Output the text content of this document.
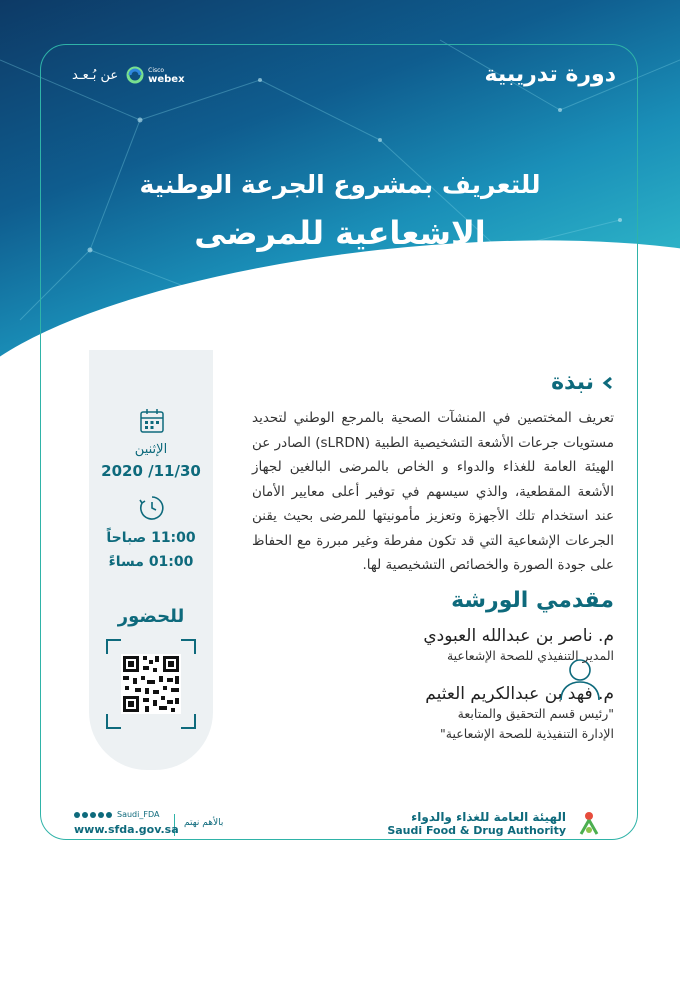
دورة تدريبية
عن بُـعـد	Cisco
webex
للتعريف بمشروع الجرعة الوطنية
الإشعاعية للمرضى
الإثنين
2020 /11/30
11:00 صباحاً
01:00 مساءً
للحضور
نبذة
تعريف المختصين في المنشآت الصحية بالمرجع الوطني لتحديد مستويات جرعات الأشعة التشخيصية الطبية (sLRDN) الصادر عن الهيئة العامة للغذاء والدواء و الخاص بالمرضى البالغين لجهاز الأشعة المقطعية، والذي سيسهم في توفير أعلى معايير الأمان عند استخدام تلك الأجهزة وتعزيز مأمونيتها للمرضى بحيث يقنن الجرعات الإشعاعية التي قد تكون مفرطة وغير مبررة مع الحفاظ على جودة الصورة والخصائص التشخيصية لها.
مقدمي الورشة
م. ناصر بن عبدالله العبودي
المدير التنفيذي للصحة الإشعاعية
م. فهد بن عبدالكريم العثيم
"رئيس قسم التحقيق والمتابعة
الإدارة التنفيذية للصحة الإشعاعية"
الهيئة العامة للغذاء والدواء
Saudi Food & Drug Authority
بالأهم نهتم
Saudi_FDA
www.sfda.gov.sa
